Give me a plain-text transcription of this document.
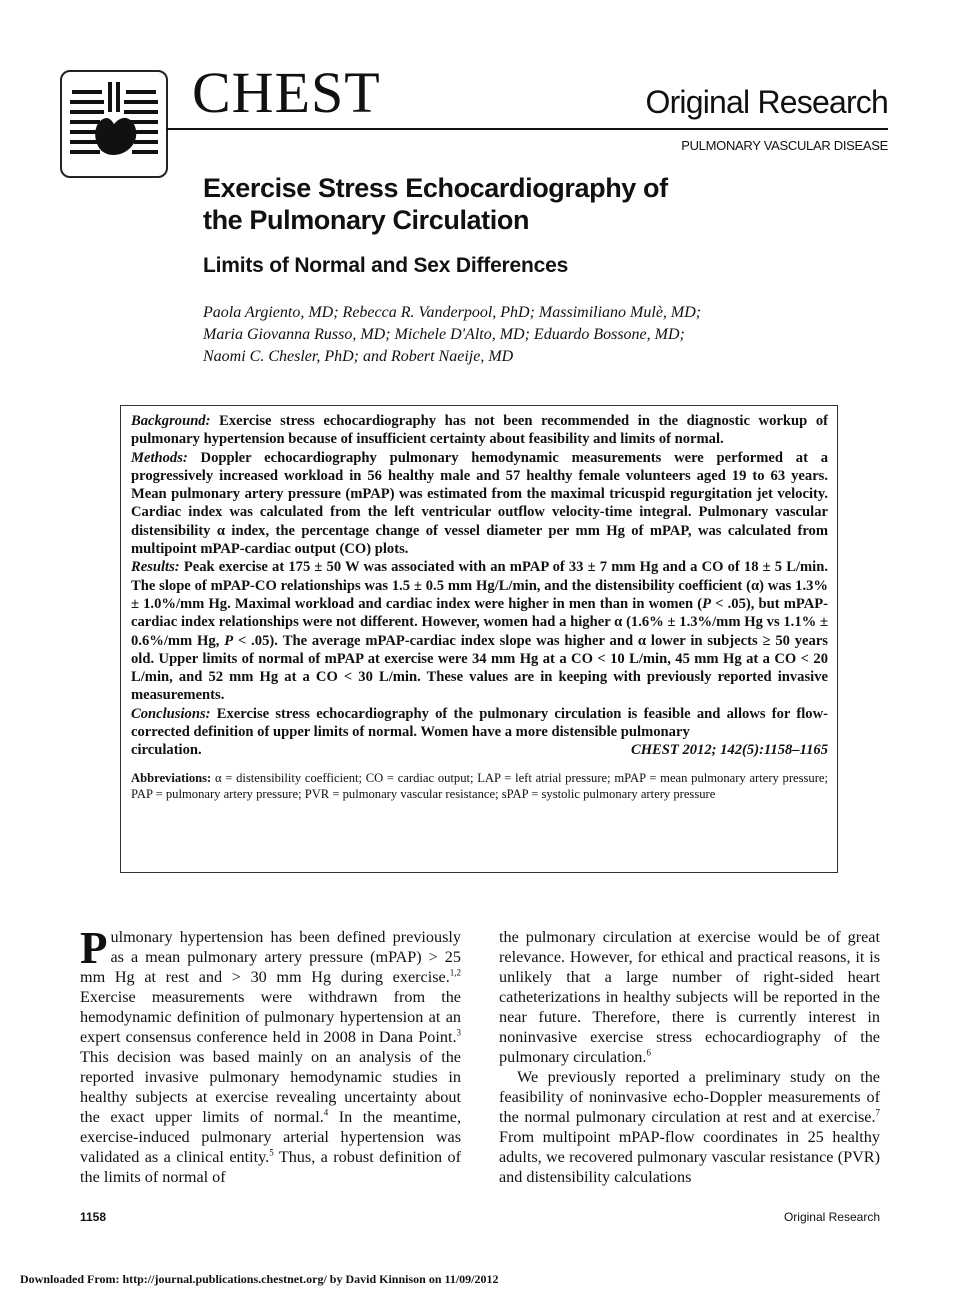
CHEST	Original Research
PULMONARY VASCULAR DISEASE
Exercise Stress Echocardiography of
the Pulmonary Circulation
Limits of Normal and Sex Differences
Paola Argiento, MD; Rebecca R. Vanderpool, PhD; Massimiliano Mulè, MD;
Maria Giovanna Russo, MD; Michele D'Alto, MD; Eduardo Bossone, MD;
Naomi C. Chesler, PhD; and Robert Naeije, MD

Background: Exercise stress echocardiography has not been recommended in the diagnostic workup of pulmonary hypertension because of insufficient certainty about feasibility and limits of normal.

Methods: Doppler echocardiography pulmonary hemodynamic measurements were performed at a progressively increased workload in 56 healthy male and 57 healthy female volunteers aged 19 to 63 years. Mean pulmonary artery pressure (mPAP) was estimated from the maximal tricuspid regurgitation jet velocity. Cardiac index was calculated from the left ventricular outflow velocity-time integral. Pulmonary vascular distensibility α index, the percentage change of vessel diameter per mm Hg of mPAP, was calculated from multipoint mPAP-cardiac output (CO) plots.

Results: Peak exercise at 175 ± 50 W was associated with an mPAP of 33 ± 7 mm Hg and a CO of 18 ± 5 L/min. The slope of mPAP-CO relationships was 1.5 ± 0.5 mm Hg/L/min, and the distensibility coefficient (α) was 1.3% ± 1.0%/mm Hg. Maximal workload and cardiac index were higher in men than in women (P < .05), but mPAP-cardiac index relationships were not different. However, women had a higher α (1.6% ± 1.3%/mm Hg vs 1.1% ± 0.6%/mm Hg, P < .05). The average mPAP-cardiac index slope was higher and α lower in subjects ≥ 50 years old. Upper limits of normal of mPAP at exercise were 34 mm Hg at a CO < 10 L/min, 45 mm Hg at a CO < 20 L/min, and 52 mm Hg at a CO < 30 L/min. These values are in keeping with previously reported invasive measurements.

Conclusions: Exercise stress echocardiography of the pulmonary circulation is feasible and allows for flow-corrected definition of upper limits of normal. Women have a more distensible pulmonary

circulation.	CHEST 2012; 142(5):1158–1165

Abbreviations: α = distensibility coefficient; CO = cardiac output; LAP = left atrial pressure; mPAP = mean pulmonary artery pressure; PAP = pulmonary artery pressure; PVR = pulmonary vascular resistance; sPAP = systolic pulmonary artery pressure

Pulmonary hypertension has been defined previously as a mean pulmonary artery pressure (mPAP) > 25 mm Hg at rest and > 30 mm Hg during exercise.$^{1,2}$ Exercise measurements were withdrawn from the hemodynamic definition of pulmonary hypertension at an expert consensus conference held in 2008 in Dana Point.$^3$ This decision was based mainly on an analysis of the reported invasive pulmonary hemodynamic studies in healthy subjects at exercise revealing uncertainty about the exact upper limits of normal.$^4$ In the meantime, exercise-induced pulmonary arterial hypertension was validated as a clinical entity.$^5$ Thus, a robust definition of the limits of normal of

the pulmonary circulation at exercise would be of great relevance. However, for ethical and practical reasons, it is unlikely that a large number of right-sided heart catheterizations in healthy subjects will be reported in the near future. Therefore, there is currently interest in noninvasive exercise stress echocardiography of the pulmonary circulation.$^6$

We previously reported a preliminary study on the feasibility of noninvasive echo-Doppler measurements of the normal pulmonary circulation at rest and at exercise.$^7$ From multipoint mPAP-flow coordinates in 25 healthy adults, we recovered pulmonary vascular resistance (PVR) and distensibility calculations

1158	Original Research
Downloaded From: http://journal.publications.chestnet.org/ by David Kinnison on 11/09/2012
